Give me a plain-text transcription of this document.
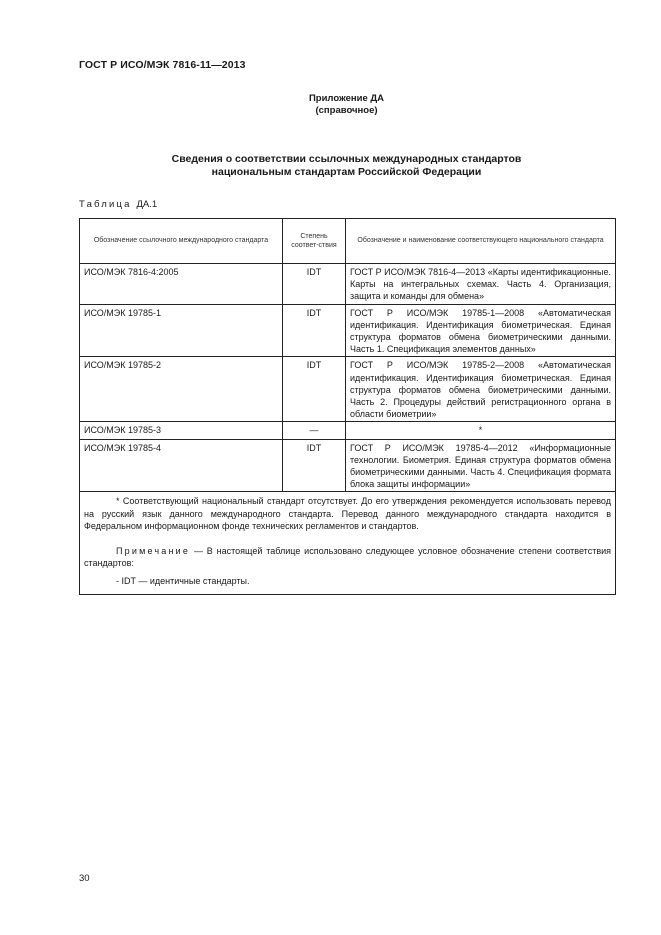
ГОСТ Р ИСО/МЭК 7816-11—2013
Приложение ДА
(справочное)
Сведения о соответствии ссылочных международных стандартов
национальным стандартам Российской Федерации
Таблица ДА.1
Обозначение ссылочного международного стандарта	Степень соответ-ствия	Обозначение и наименование соответствующего национального стандарта
ИСО/МЭК 7816-4:2005	IDT	ГОСТ Р ИСО/МЭК 7816-4—2013 «Карты идентификационные. Карты на интегральных схемах. Часть 4. Организация, защита и команды для обмена»
ИСО/МЭК 19785-1	IDT	ГОСТ Р ИСО/МЭК 19785-1—2008 «Автоматическая идентификация. Идентификация биометрическая. Единая структура форматов обмена биометрическими данными. Часть 1. Спецификация элементов данных»
ИСО/МЭК 19785-2	IDT	ГОСТ Р ИСО/МЭК 19785-2—2008 «Автоматическая идентификация. Идентификация биометрическая. Единая структура форматов обмена биометрическими данными. Часть 2. Процедуры действий регистрационного органа в области биометрии»
ИСО/МЭК 19785-3	—	*
ИСО/МЭК 19785-4	IDT	ГОСТ Р ИСО/МЭК 19785-4—2012 «Информационные технологии. Биометрия. Единая структура форматов обмена биометрическими данными. Часть 4. Спецификация формата блока защиты информации»

* Соответствующий национальный стандарт отсутствует. До его утверждения рекомендуется использовать перевод на русский язык данного международного стандарта. Перевод данного международного стандарта находится в Федеральном информационном фонде технических регламентов и стандартов.

Примечание — В настоящей таблице использовано следующее условное обозначение степени соответствия стандартов:

- IDT — идентичные стандарты.		

30
